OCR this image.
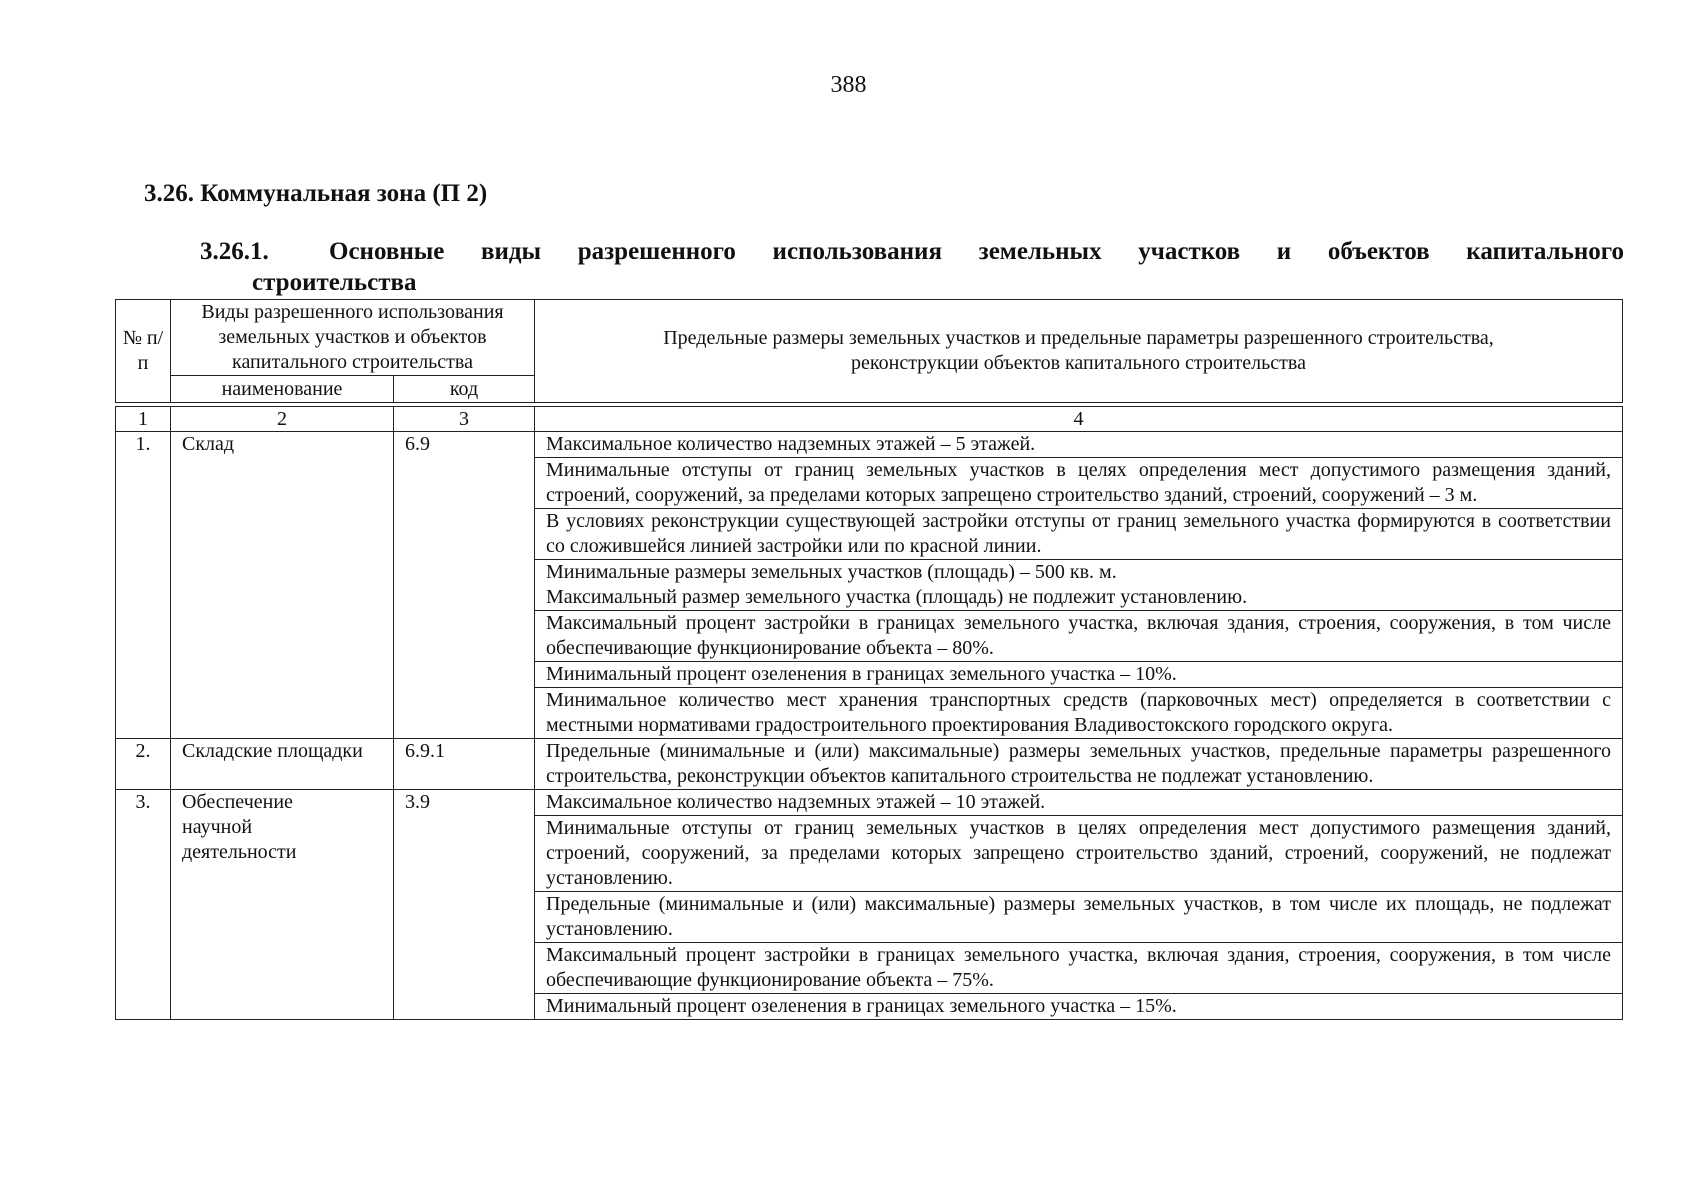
388
3.26. Коммунальная зона (П 2)
3.26.1. Основные виды разрешенного использования земельных участков и объектов капитального
строительства
№ п/п	Виды разрешенного использования земельных участков и объектов капитального строительства		Предельные размеры земельных участков и предельные параметры разрешенного строительства, реконструкции объектов капитального строительства
	наименование	код	
1	2	3	4
1.	Склад	6.9	Максимальное количество надземных этажей – 5 этажей.
			Минимальные отступы от границ земельных участков в целях определения мест допустимого размещения зданий, строений, сооружений, за пределами которых запрещено строительство зданий, строений, сооружений – 3 м.
			В условиях реконструкции существующей застройки отступы от границ земельного участка формируются в соответствии со сложившейся линией застройки или по красной линии.

			Минимальные размеры земельных участков (площадь) – 500 кв. м.
Максимальный размер земельного участка (площадь) не подлежит установлению.

			Максимальный процент застройки в границах земельного участка, включая здания, строения, сооружения, в том числе обеспечивающие функционирование объекта – 80%.
			Минимальный процент озеленения в границах земельного участка – 10%.
			Минимальное количество мест хранения транспортных средств (парковочных мест) определяется в соответствии с местными нормативами градостроительного проектирования Владивостокского городского округа.
2.	Складские площадки	6.9.1	Предельные (минимальные и (или) максимальные) размеры земельных участков, предельные параметры разрешенного строительства, реконструкции объектов капитального строительства не подлежат установлению.
3.	Обеспечение научной деятельности	3.9	Максимальное количество надземных этажей – 10 этажей.
			Минимальные отступы от границ земельных участков в целях определения мест допустимого размещения зданий, строений, сооружений, за пределами которых запрещено строительство зданий, строений, сооружений, не подлежат установлению.
			Предельные (минимальные и (или) максимальные) размеры земельных участков, в том числе их площадь, не подлежат установлению.
			Максимальный процент застройки в границах земельного участка, включая здания, строения, сооружения, в том числе обеспечивающие функционирование объекта – 75%.
			Минимальный процент озеленения в границах земельного участка – 15%.
